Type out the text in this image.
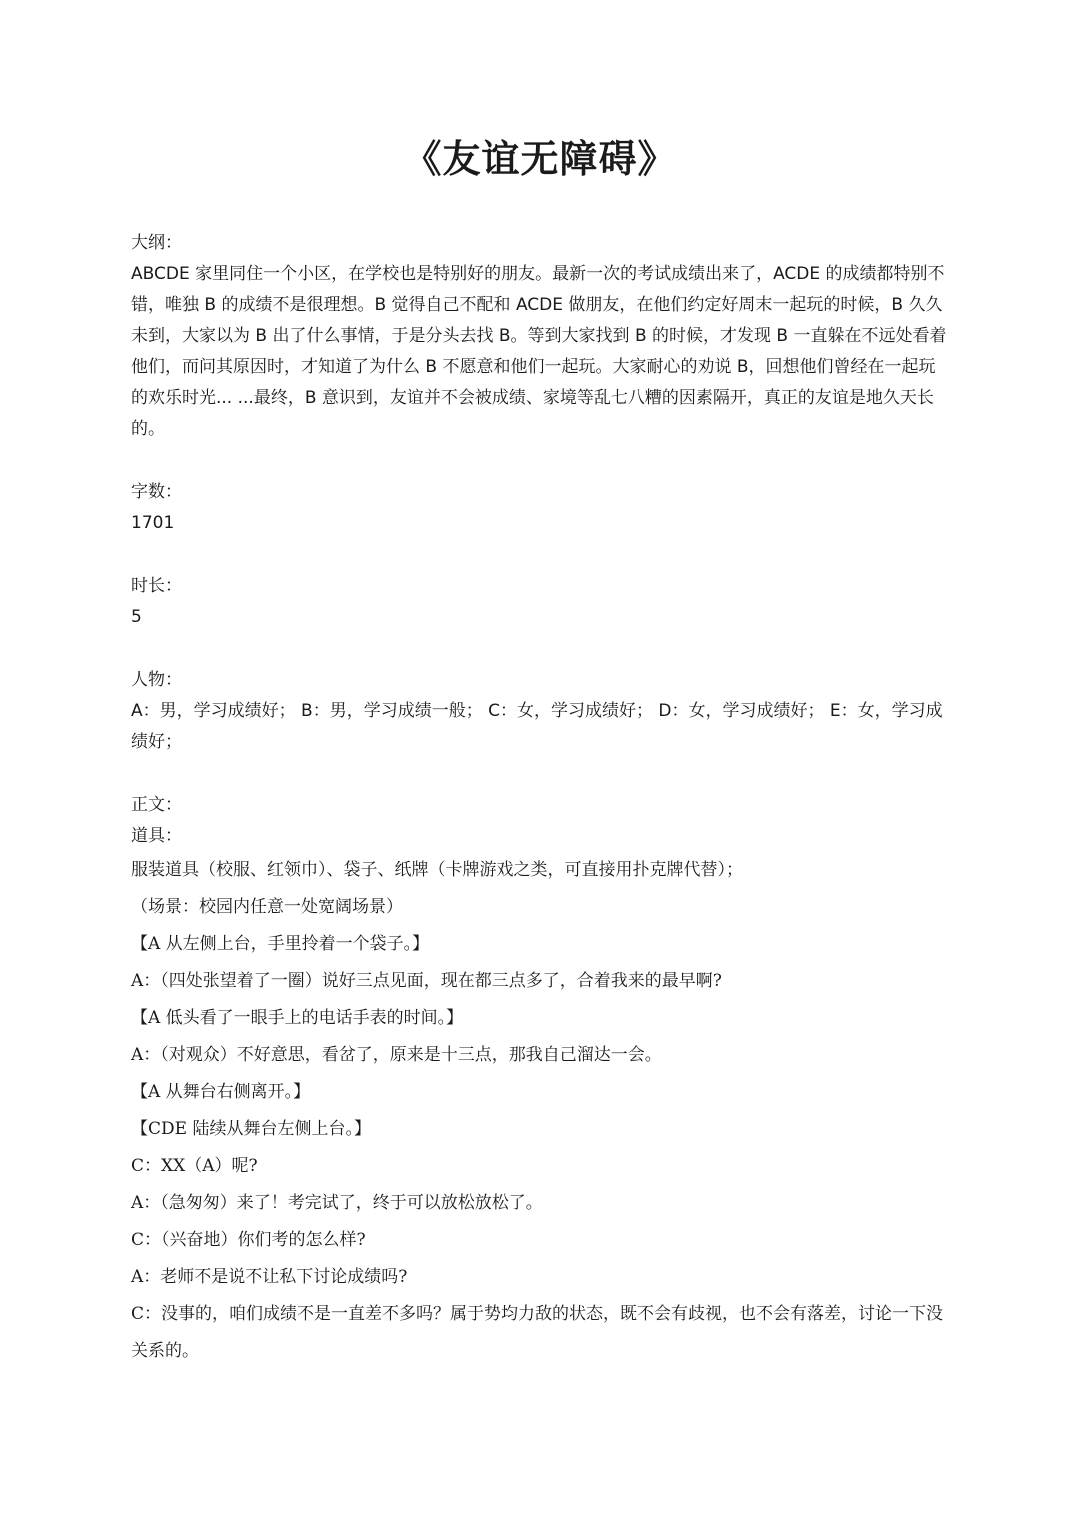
《友谊无障碍》

大纲：

ABCDE 家里同住一个小区，在学校也是特别好的朋友。最新一次的考试成绩出来了，ACDE 的成绩都特别不错，唯独 B 的成绩不是很理想。B 觉得自己不配和 ACDE 做朋友，在他们约定好周末一起玩的时候，B 久久未到，大家以为 B 出了什么事情，于是分头去找 B。等到大家找到 B 的时候，才发现 B 一直躲在不远处看着他们，而问其原因时，才知道了为什么 B 不愿意和他们一起玩。大家耐心的劝说 B，回想他们曾经在一起玩的欢乐时光... ...最终，B 意识到，友谊并不会被成绩、家境等乱七八糟的因素隔开，真正的友谊是地久天长的。

字数：

1701

时长：

5

人物：

A：男，学习成绩好； B：男，学习成绩一般； C：女，学习成绩好； D：女，学习成绩好； E：女，学习成绩好；

正文：

道具：

服装道具（校服、红领巾）、袋子、纸牌（卡牌游戏之类，可直接用扑克牌代替）；

（场景：校园内任意一处宽阔场景）

【A 从左侧上台，手里拎着一个袋子。】

A：（四处张望着了一圈）说好三点见面，现在都三点多了，合着我来的最早啊?

【A 低头看了一眼手上的电话手表的时间。】

A：（对观众）不好意思，看岔了，原来是十三点，那我自己溜达一会。

【A 从舞台右侧离开。】

【CDE 陆续从舞台左侧上台。】

C：XX（A）呢?

A：（急匆匆）来了！考完试了，终于可以放松放松了。

C：（兴奋地）你们考的怎么样?

A：老师不是说不让私下讨论成绩吗?

C：没事的，咱们成绩不是一直差不多吗？属于势均力敌的状态，既不会有歧视，也不会有落差，讨论一下没关系的。
